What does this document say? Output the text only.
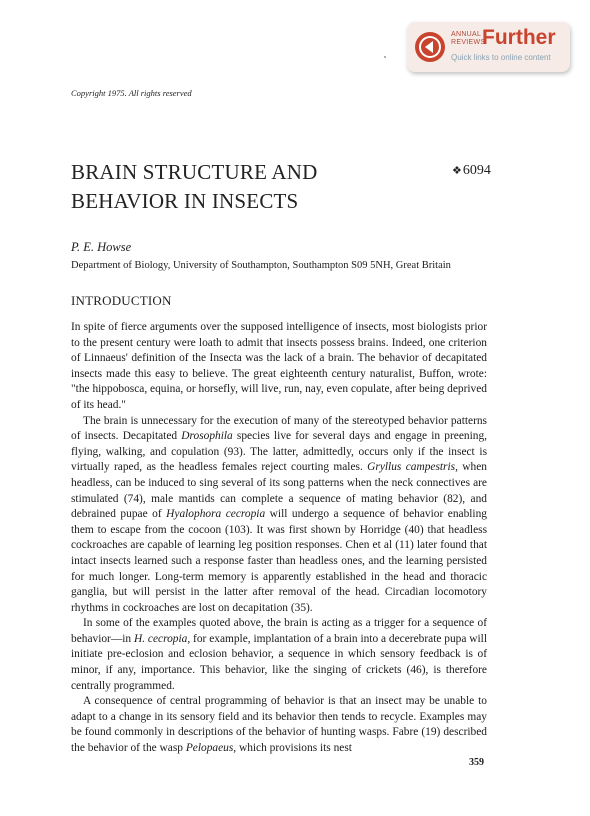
ANNUAL
REVIEWS
Further
Quick links to online content
Copyright 1975. All rights reserved
BRAIN STRUCTURE AND
BEHAVIOR IN INSECTS
❖6094
P. E. Howse
Department of Biology, University of Southampton, Southampton S09 5NH, Great Britain
INTRODUCTION

In spite of fierce arguments over the supposed intelligence of insects, most biologists prior to the present century were loath to admit that insects possess brains. Indeed, one criterion of Linnaeus' definition of the Insecta was the lack of a brain. The behavior of decapitated insects made this easy to believe. The great eighteenth century naturalist, Buffon, wrote: "the hippobosca, equina, or horsefly, will live, run, nay, even copulate, after being deprived of its head."

The brain is unnecessary for the execution of many of the stereotyped behavior patterns of insects. Decapitated Drosophila species live for several days and engage in preening, flying, walking, and copulation (93). The latter, admittedly, occurs only if the insect is virtually raped, as the headless females reject courting males. Gryllus campestris, when headless, can be induced to sing several of its song patterns when the neck connectives are stimulated (74), male mantids can complete a sequence of mating behavior (82), and debrained pupae of Hyalophora cecropia will undergo a sequence of behavior enabling them to escape from the cocoon (103). It was first shown by Horridge (40) that headless cockroaches are capable of learning leg position responses. Chen et al (11) later found that intact insects learned such a response faster than headless ones, and the learning persisted for much longer. Long-term memory is apparently established in the head and thoracic ganglia, but will persist in the latter after removal of the head. Circadian locomotory rhythms in cockroaches are lost on decapitation (35).

In some of the examples quoted above, the brain is acting as a trigger for a sequence of behavior—in H. cecropia, for example, implantation of a brain into a decerebrate pupa will initiate pre-eclosion and eclosion behavior, a sequence in which sensory feedback is of minor, if any, importance. This behavior, like the singing of crickets (46), is therefore centrally programmed.

A consequence of central programming of behavior is that an insect may be unable to adapt to a change in its sensory field and its behavior then tends to recycle. Examples may be found commonly in descriptions of the behavior of hunting wasps. Fabre (19) described the behavior of the wasp Pelopaeus, which provisions its nest

359
